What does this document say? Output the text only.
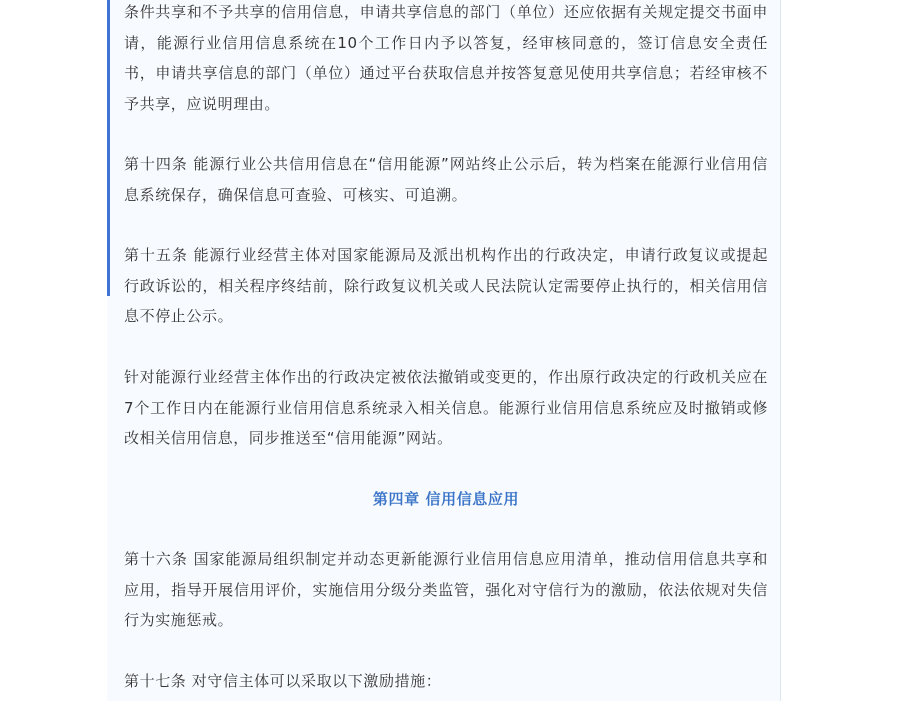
条件共享和不予共享的信用信息，申请共享信息的部门（单位）还应依据有关规定提交书面申请，能源行业信用信息系统在10个工作日内予以答复，经审核同意的，签订信息安全责任书，申请共享信息的部门（单位）通过平台获取信息并按答复意见使用共享信息；若经审核不予共享，应说明理由。

第十四条 能源行业公共信用信息在“信用能源”网站终止公示后，转为档案在能源行业信用信息系统保存，确保信息可查验、可核实、可追溯。

第十五条 能源行业经营主体对国家能源局及派出机构作出的行政决定，申请行政复议或提起行政诉讼的，相关程序终结前，除行政复议机关或人民法院认定需要停止执行的，相关信用信息不停止公示。

针对能源行业经营主体作出的行政决定被依法撤销或变更的，作出原行政决定的行政机关应在7个工作日内在能源行业信用信息系统录入相关信息。能源行业信用信息系统应及时撤销或修改相关信用信息，同步推送至“信用能源”网站。

第四章 信用信息应用

第十六条 国家能源局组织制定并动态更新能源行业信用信息应用清单，推动信用信息共享和应用，指导开展信用评价，实施信用分级分类监管，强化对守信行为的激励，依法依规对失信行为实施惩戒。

第十七条 对守信主体可以采取以下激励措施：
